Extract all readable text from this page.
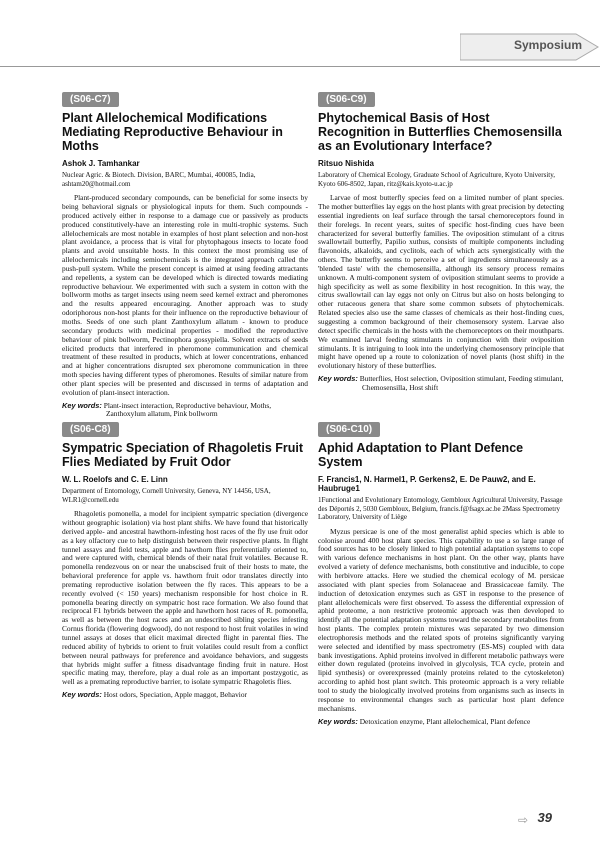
Symposium
(S06-C7)
Plant Allelochemical Modifications Mediating Reproductive Behaviour in Moths
Ashok J. Tamhankar
Nuclear Agric. & Biotech. Division, BARC, Mumbai, 400085, India, ashtam20@hotmail.com

Plant-produced secondary compounds, can be beneficial for some insects by being behavioral signals or physiological inputs for them. Such compounds - produced actively either in response to a damage cue or passively as products produced constitutively-have an interesting role in multi-trophic systems. Such allelochemicals are most notable in examples of host plant selection and non-host plant avoidance, a process that is vital for phytophagous insects to locate food plants and avoid unsuitable hosts. In this context the most promising use of allelochemicals including semiochemicals is the integrated approach called the push-pull system. While the present concept is aimed at using feeding attractants and repellents, a system can be developed which is directed towards mediating reproductive behaviour. We experimented with such a system in cotton with the bollworm moths as target insects using neem seed kernel extract and pheromones and the results appeared encouraging. Another approach was to study odoriphorous non-host plants for their influence on the reproductive behaviour of moths. Seeds of one such plant Zanthoxylum allatum - known to produce secondary products with medicinal properties - modified the reproductive behaviour of pink bollworm, Pectinophora gossypiella. Solvent extracts of seeds elicited products that interfered in pheromone communication and chemical treatment of these resulted in products, which at lower concentrations, enhanced and at higher concentrations disrupted sex pheromone communication in three moth species having different types of pheromones. Results of similar nature from other plant species will be presented and discussed in terms of adaptation and evolution of plant-insect interaction.

Key words: Plant-insect interaction, Reproductive behaviour, Moths, Zanthoxylum allatum, Pink bollworm

(S06-C9)
Phytochemical Basis of Host Recognition in Butterflies Chemosensilla as an Evolutionary Interface?
Ritsuo Nishida
Laboratory of Chemical Ecology, Graduate School of Agriculture, Kyoto University, Kyoto 606-8502, Japan, ritz@kais.kyoto-u.ac.jp

Larvae of most butterfly species feed on a limited number of plant species. The mother butterflies lay eggs on the host plants with great precision by detecting essential ingredients on leaf surface through the tarsal chemoreceptors found in their forelegs. In recent years, suites of specific host-finding cues have been characterized for several butterfly families. The oviposition stimulant of a citrus swallowtail butterfly, Papilio xuthus, consists of multiple components including flavonoids, alkaloids, and cyclitols, each of which acts synergistically with the others. The butterfly seems to perceive a set of ingredients simultaneously as a 'blended taste' with the chemosensilla, although its sensory process remains unknown. A multi-component system of oviposition stimulant seems to provide a high specificity as well as some flexibility in host recognition. In this way, the citrus swallowtail can lay eggs not only on Citrus but also on hosts belonging to other rutaceous genera that share some common subsets of phytochemicals. Related species also use the same classes of chemicals as their host-finding cues, suggesting a common background of their chemosensory system. Larvae also detect specific chemicals in the hosts with the chemoreceptors on their mouthparts. We examined larval feeding stimulants in conjunction with their oviposition stimulants. It is intriguing to look into the underlying chemosensory principle that might have opened up a route to colonization of novel plants (host shift) in the evolutionary history of these butterflies.

Key words: Butterflies, Host selection, Oviposition stimulant, Feeding stimulant, Chemosensilla, Host shift

(S06-C8)
Sympatric Speciation of Rhagoletis Fruit Flies Mediated by Fruit Odor
W. L. Roelofs and C. E. Linn
Department of Entomology, Cornell University, Geneva, NY 14456, USA, WLR1@cornell.edu

Rhagoletis pomonella, a model for incipient sympatric speciation (divergence without geographic isolation) via host plant shifts. We have found that historically derived apple- and ancestral hawthorn-infesting host races of the fly use fruit odor as a key olfactory cue to help distinguish between their respective plants. In flight tunnel assays and field tests, apple and hawthorn flies preferentially oriented to, and were captured with, chemical blends of their natal fruit volatiles. Because R. pomonella rendezvous on or near the unabscised fruit of their hosts to mate, the behavioral preference for apple vs. hawthorn fruit odor translates directly into premating reproductive isolation between the fly races. This appears to be a recently evolved (< 150 years) mechanism responsible for host choice in R. pomonella bearing directly on sympatric host race formation. We also found that reciprocal F1 hybrids between the apple and hawthorn host races of R. pomonella, as well as between the host races and an undescribed sibling species infesting Cornus florida (flowering dogwood), do not respond to host fruit volatiles in wind tunnel assays at doses that elicit maximal directed flight in parental flies. The reduced ability of hybrids to orient to fruit volatiles could result from a conflict between neural pathways for preference and avoidance behaviors, and suggests that hybrids might suffer a fitness disadvantage finding fruit in nature. Host specific mating may, therefore, play a dual role as an important postzygotic, as well as a premating reproductive barrier, to isolate sympatric Rhagoletis flies.

Key words: Host odors, Speciation, Apple maggot, Behavior

(S06-C10)
Aphid Adaptation to Plant Defence System
F. Francis1, N. Harmel1, P. Gerkens2, E. De Pauw2, and E. Haubruge1
1Functional and Evolutionary Entomology, Gembloux Agricultural University, Passage des Déportés 2, 5030 Gembloux, Belgium, francis.f@fsagx.ac.be 2Mass Spectrometry Laboratory, University of Liège

Myzus persicae is one of the most generalist aphid species which is able to colonise around 400 host plant species. This capability to use a so large range of food sources has to be closely linked to high potential adaptation systems to cope with various defence mechanisms in host plant. On the other way, plants have evolved a variety of defence mechanisms, both constitutive and inducible, to cope with herbivore attacks. Here we studied the chemical ecology of M. persicae associated with plant species from Solanaceae and Brassicaceae family. The induction of detoxication enzymes such as GST in response to the presence of plant allelochemicals were first observed. To assess the differential expression of aphid proteome, a non restrictive proteomic approach was then developed to identify all the potential adaptation systems toward the secondary metabolites from host plants. The complex protein mixtures was separated by two dimension electrophoresis methods and the related spots of proteins significantly varying were selected and identified by mass spectrometry (ES-MS) coupled with data bank investigations. Aphid proteins involved in different metabolic pathways were either down regulated (proteins involved in glycolysis, TCA cycle, protein and lipid synthesis) or overexpressed (mainly proteins related to the cytoskeleton) according to aphid host plant switch. This proteomic approach is a very reliable tool to study the biologically involved proteins from organisms such as insects in response to environmental changes such as particular host plant defence mechanisms.

Key words: Detoxication enzyme, Plant allelochemical, Plant defence

⇨ 39
